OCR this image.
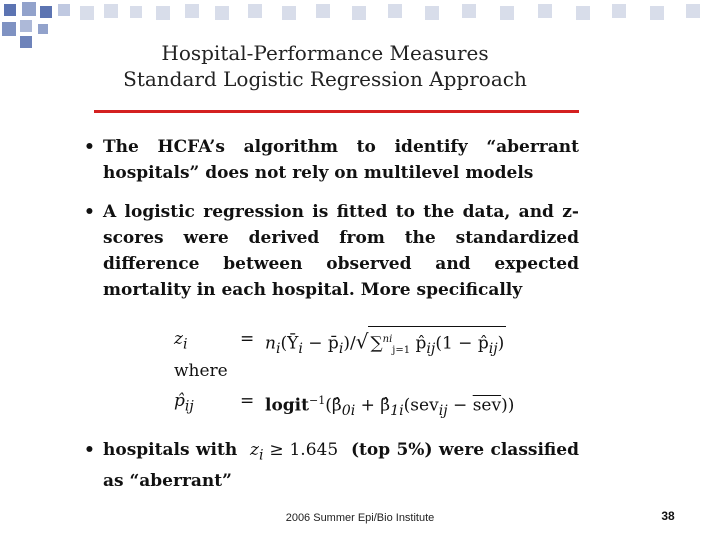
Hospital-Performance Measures
Standard Logistic Regression Approach
• The HCFA’s algorithm to identify “aberrant hospitals” does not rely on multilevel models
• A logistic regression is fitted to the data, and z-scores were derived from the standardized difference between observed and expected mortality in each hospital. More specifically
$z_i$	= $n_i(Ȳ_i$ − $p̄_i)/√$ ∑$^{ni}_{j=1}$ $p̂_{ij}(1$ − $p̂_{ij}$)
where
$p̂_{ij}$	= $logit^{-1}(\betâ_{0i}$ + $\betâ_{1i}(sev_{ij} - \overline{sev})$)
• hospitals with $z_i \ge 1.645$ (top 5%) were classified as “aberrant”
2006 Summer Epi/Bio Institute	38
